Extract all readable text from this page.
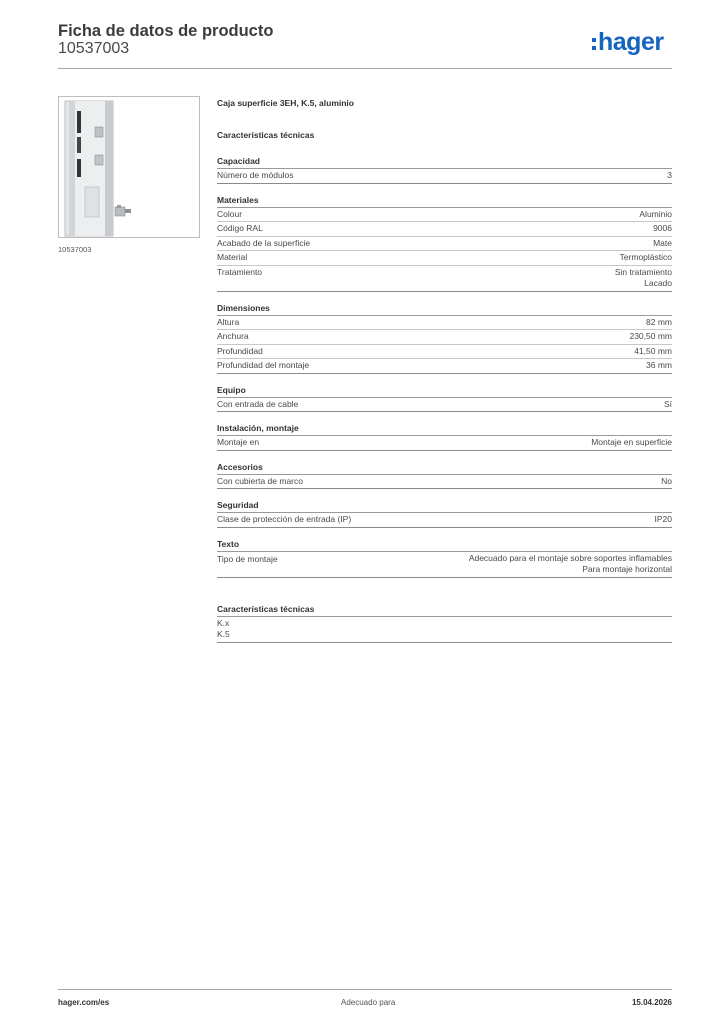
Ficha de datos de producto
10537003	hager
10537003
Caja superficie 3EH, K.5, aluminio
Características técnicas
Capacidad
Número de módulos	3
Materiales
Colour	Aluminio
Código RAL	9006
Acabado de la superficie	Mate
Material	Termoplástico
Tratamiento	Sin tratamiento
Lacado
Dimensiones
Altura	82 mm
Anchura	230,50 mm
Profundidad	41,50 mm
Profundidad del montaje	36 mm
Equipo
Con entrada de cable	Sí
Instalación, montaje
Montaje en	Montaje en superficie
Accesorios
Con cubierta de marco	No
Seguridad
Clase de protección de entrada (IP)	IP20
Texto
Tipo de montaje	Adecuado para el montaje sobre soportes inflamables
Para montaje horizontal
Características técnicas
K.x
K.5
hager.com/es	Adecuado para	15.04.2026
